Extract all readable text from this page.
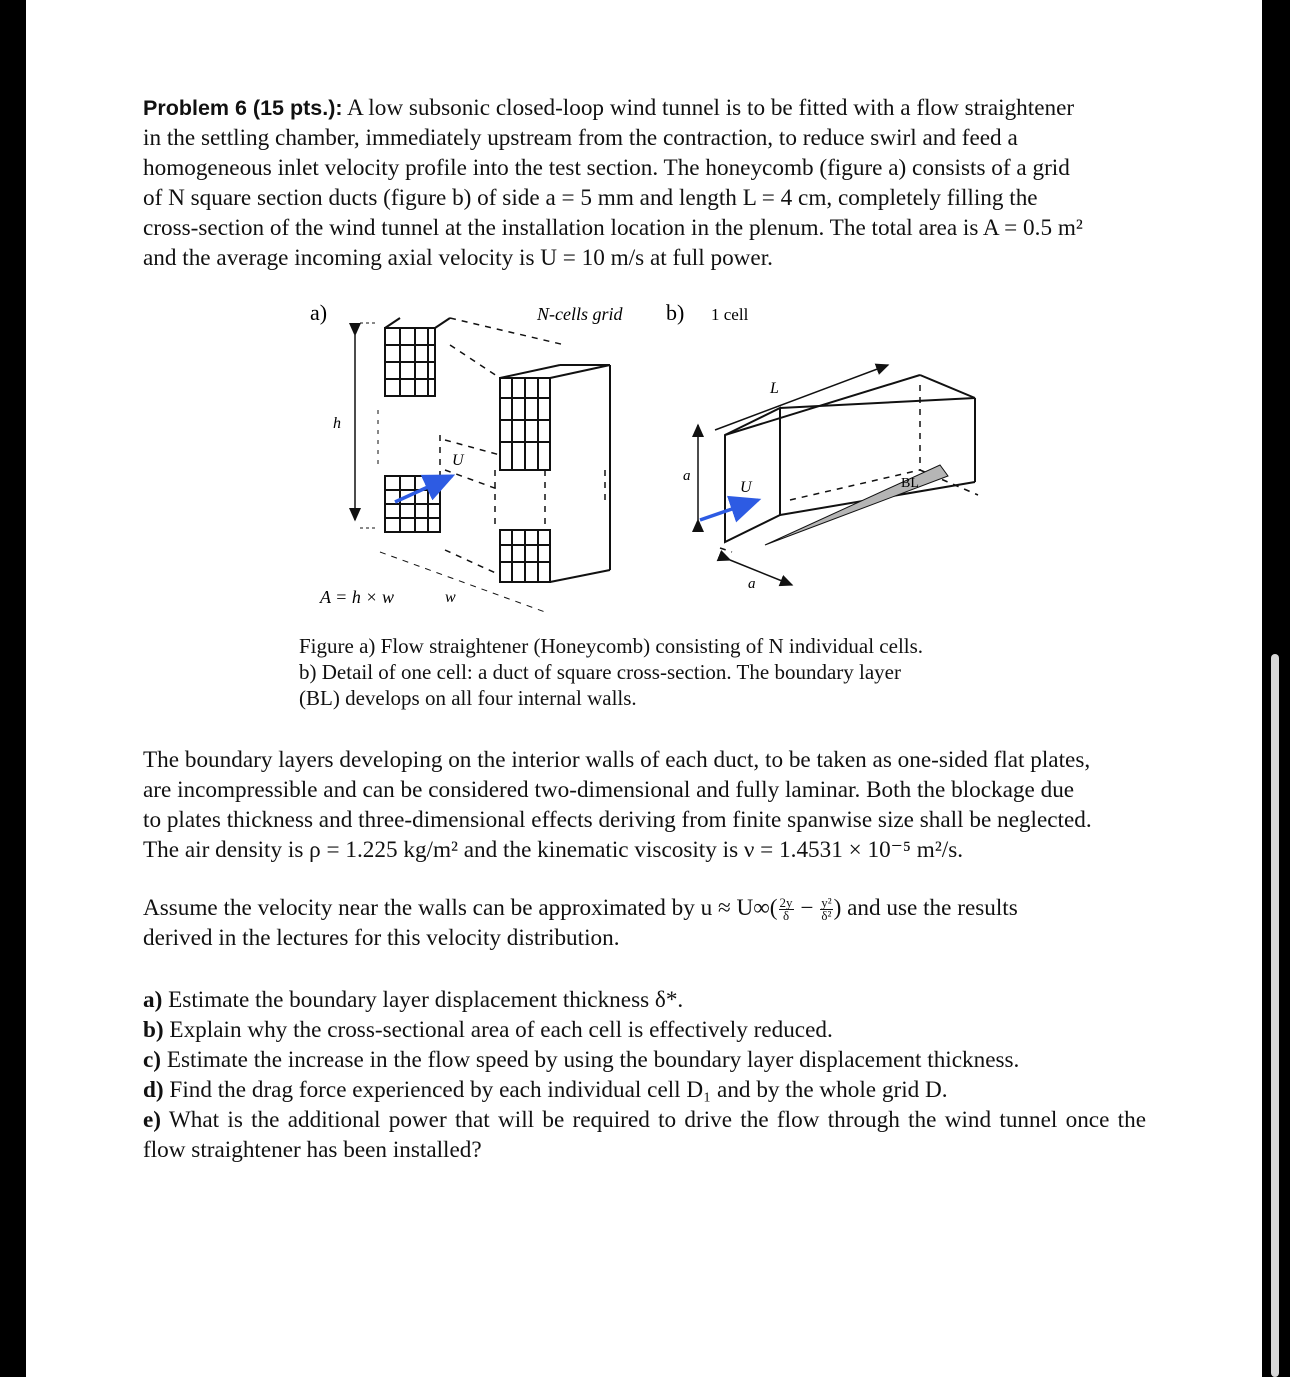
Problem 6 (15 pts.): A low subsonic closed-loop wind tunnel is to be fitted with a flow straightener

in the settling chamber, immediately upstream from the contraction, to reduce swirl and feed a

homogeneous inlet velocity profile into the test section. The honeycomb (figure a) consists of a grid

of N square section ducts (figure b) of side a = 5 mm and length L = 4 cm, completely filling the

cross-section of the wind tunnel at the installation location in the plenum. The total area is A = 0.5 m²

and the average incoming axial velocity is U = 10 m/s at full power.

a)	b)
N-cells grid	1 cell
h
U
w
A = h × w
L
a
a
BL
U
Figure a) Flow straightener (Honeycomb) consisting of N individual cells.
b) Detail of one cell: a duct of square cross-section. The boundary layer
(BL) develops on all four internal walls.

The boundary layers developing on the interior walls of each duct, to be taken as one-sided flat plates,

are incompressible and can be considered two-dimensional and fully laminar. Both the blockage due

to plates thickness and three-dimensional effects deriving from finite spanwise size shall be neglected.

The air density is ρ = 1.225 kg/m² and the kinematic viscosity is ν = 1.4531 × 10⁻⁵ m²/s.

Assume the velocity near the walls can be approximated by $u \approx U\infty( \frac{2y}{\delta} - \frac{\text{y²}}{\text{δ²}}$ ) and use the results

derived in the lectures for this velocity distribution.

a) Estimate the boundary layer displacement thickness δ*.

b) Explain why the cross-sectional area of each cell is effectively reduced.

c) Estimate the increase in the flow speed by using the boundary layer displacement thickness.

d) Find the drag force experienced by each individual cell D₁ and by the whole grid D.

e) What is the additional power that will be required to drive the flow through the wind tunnel once the flow straightener has been installed?
